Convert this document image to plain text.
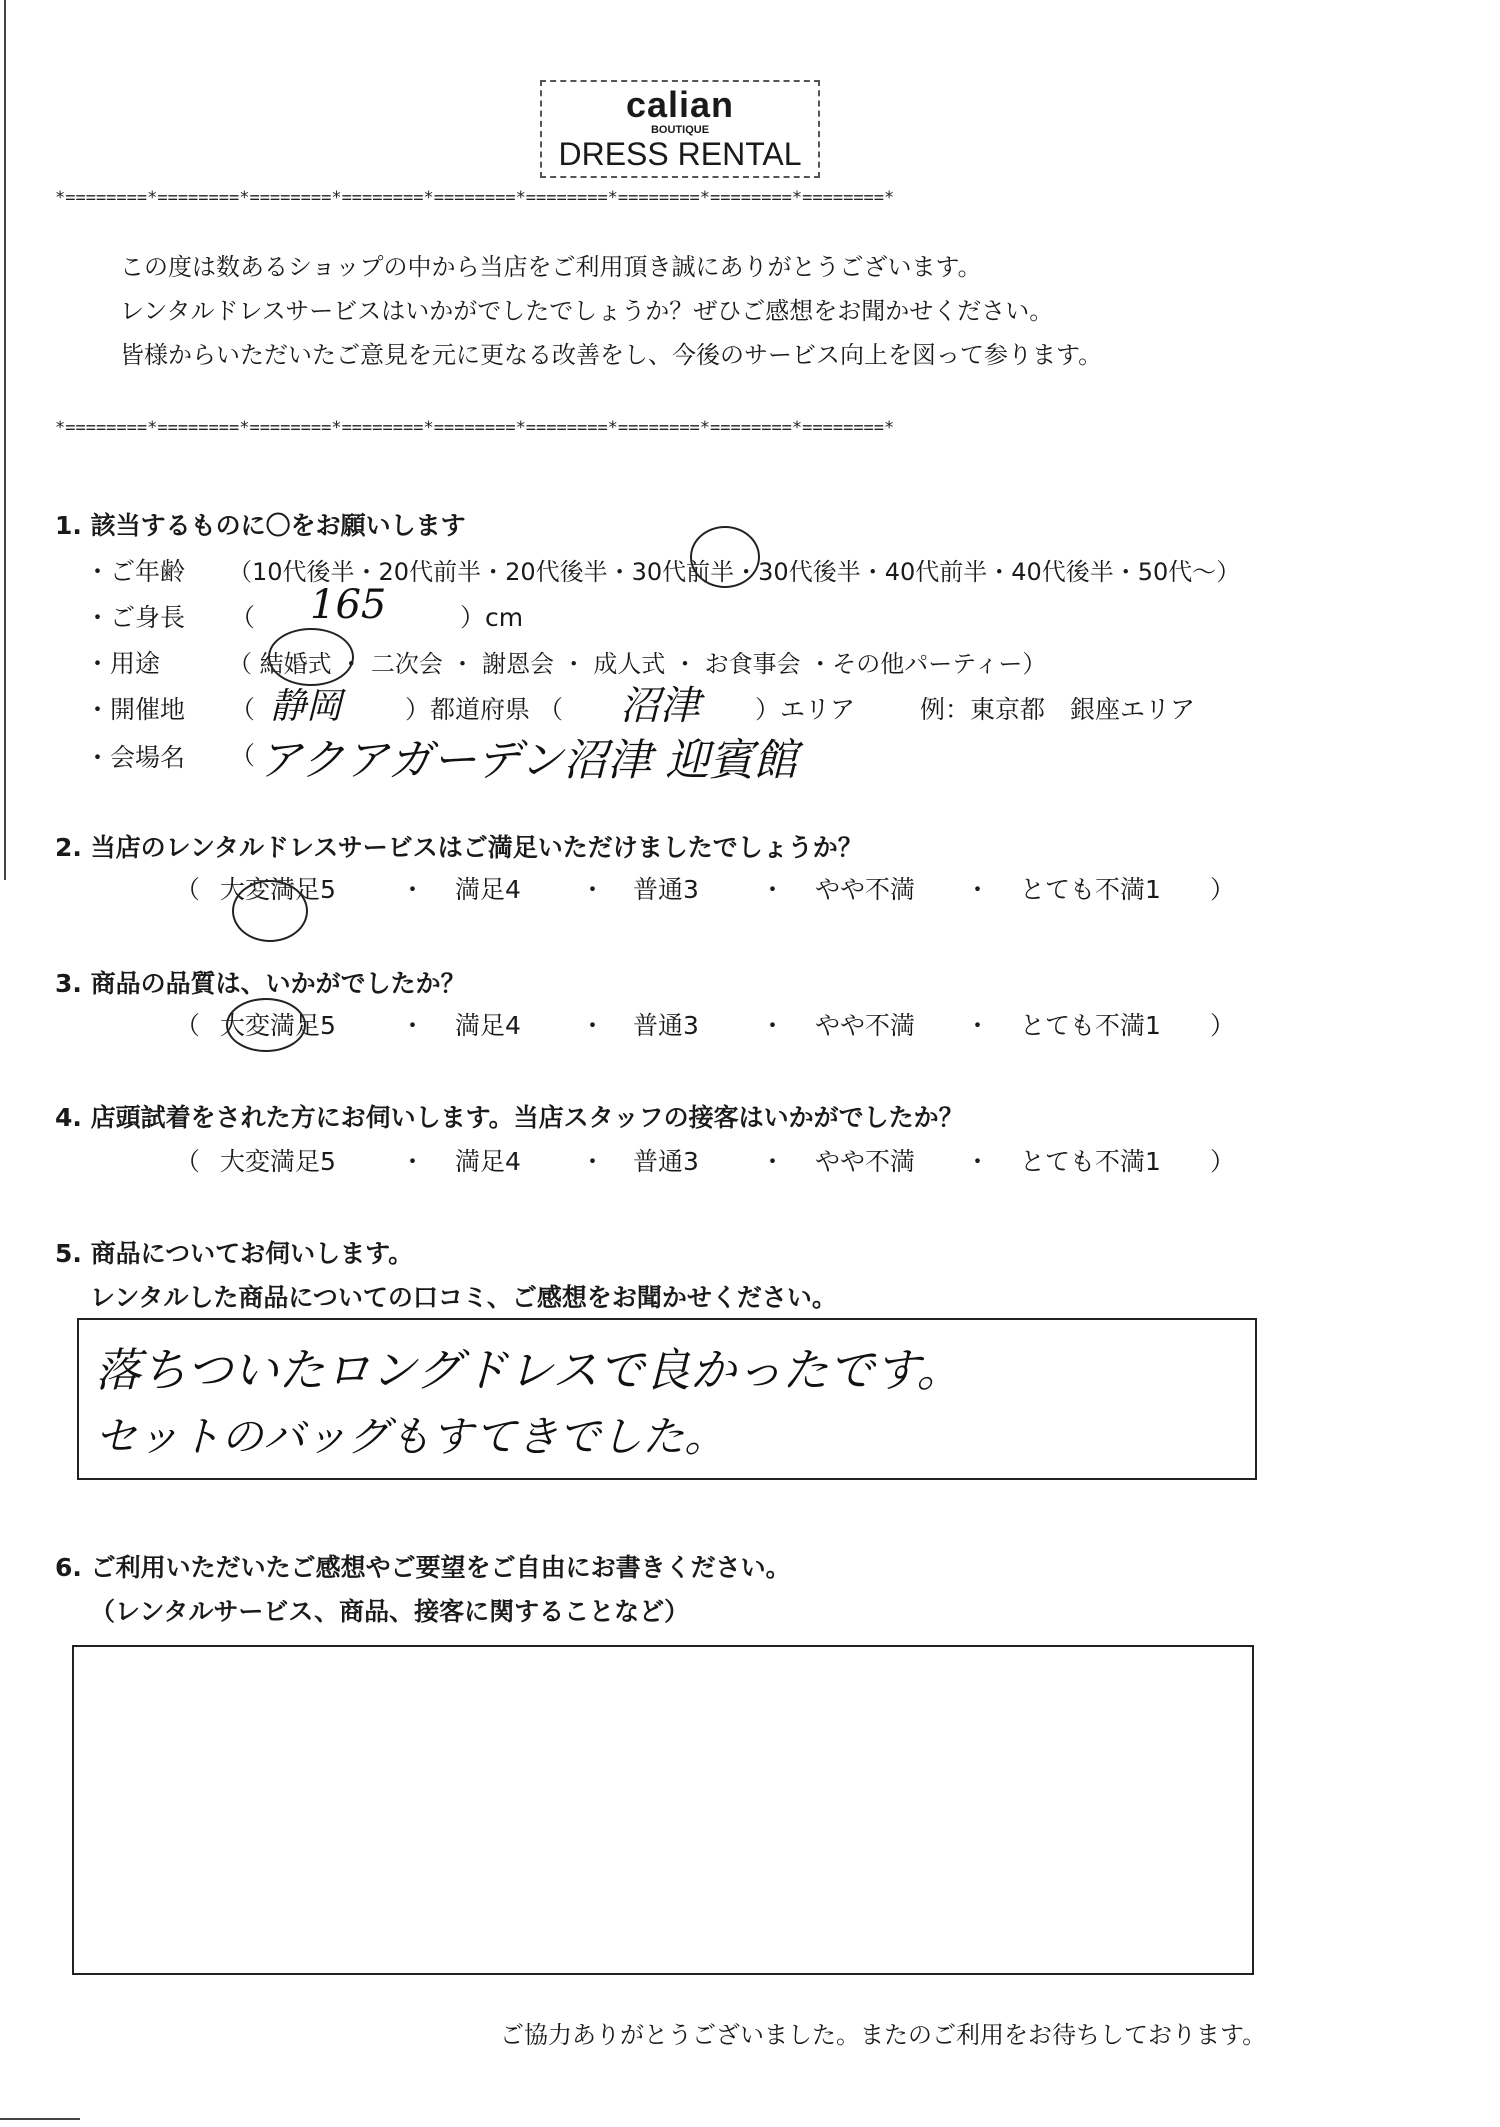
calian
BOUTIQUE
DRESS RENTAL
*========*========*========*========*========*========*========*========*========*
*========*========*========*========*========*========*========*========*========*
この度は数あるショップの中から当店をご利用頂き誠にありがとうございます。
レンタルドレスサービスはいかがでしたでしょうか？ぜひご感想をお聞かせください。
皆様からいただいたご意見を元に更なる改善をし、今後のサービス向上を図って参ります。
1. 該当するものに〇をお願いします
・ご年齢 （10代後半・20代前半・20代後半・30代前半・30代後半・40代前半・40代後半・50代〜）
・ご身長 （ 165	）cm
・用途	（ 結婚式 ・ 二次会 ・ 謝恩会 ・ 成人式 ・ お食事会 ・その他パーティー）
・開催地 （ 静岡	）都道府県 （ 沼津 ）エリア	例：東京都　銀座エリア
・会場名 （ アクアガーデン沼津 迎賓館
2. 当店のレンタルドレスサービスはご満足いただけましたでしょうか？
（ 大変満足5	・ 満足4 ・ 普通3 ・ やや不満 ・ とても不満1 ）
3. 商品の品質は、いかがでしたか？
（ 大変満足5	・ 満足4 ・ 普通3 ・ やや不満 ・ とても不満1 ）
4. 店頭試着をされた方にお伺いします。当店スタッフの接客はいかがでしたか？
（ 大変満足5	・ 満足4 ・ 普通3 ・ やや不満 ・ とても不満1 ）
5. 商品についてお伺いします。
レンタルした商品についての口コミ、ご感想をお聞かせください。
落ちついたロングドレスで良かったです。
セットのバッグもすてきでした。
6. ご利用いただいたご感想やご要望をご自由にお書きください。
（レンタルサービス、商品、接客に関することなど）
ご協力ありがとうございました。またのご利用をお待ちしております。
